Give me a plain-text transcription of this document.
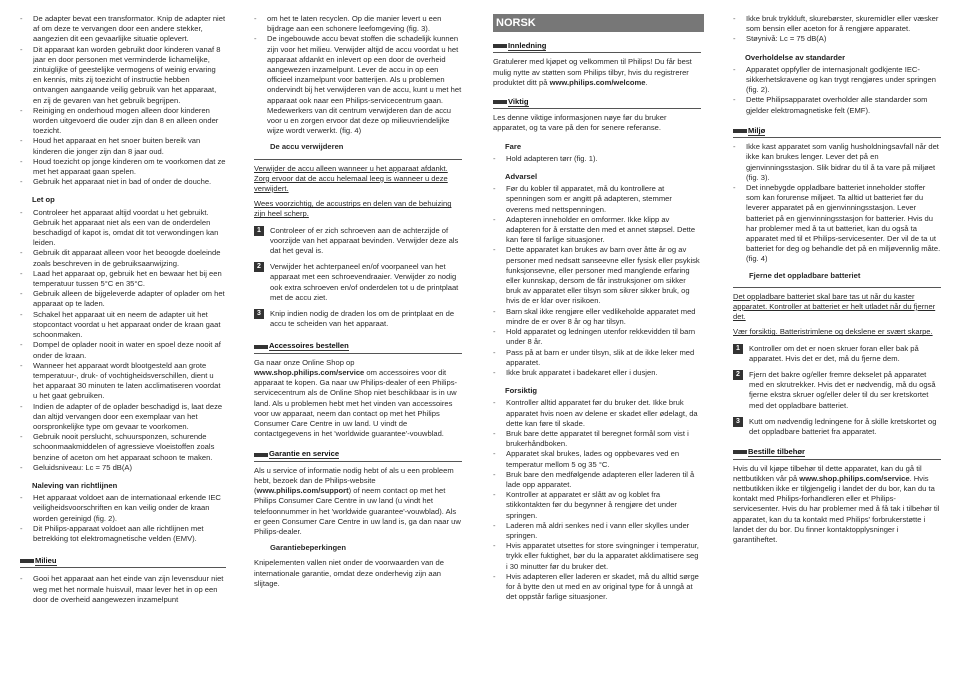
- De adapter bevat een transformator. Knip de adapter niet af om deze te vervangen door een andere stekker, aangezien dit een gevaarlijke situatie oplevert.
- Dit apparaat kan worden gebruikt door kinderen vanaf 8 jaar en door personen met verminderde lichamelijke, zintuiglijke of geestelijke vermogens of weinig ervaring en kennis, mits zij toezicht of instructie hebben ontvangen aangaande veilig gebruik van het apparaat, en zij de gevaren van het gebruik begrijpen.
- Reiniging en onderhoud mogen alleen door kinderen worden uitgevoerd die ouder zijn dan 8 en alleen onder toezicht.
- Houd het apparaat en het snoer buiten bereik van kinderen die jonger zijn dan 8 jaar oud.
- Houd toezicht op jonge kinderen om te voorkomen dat ze met het apparaat gaan spelen.
- Gebruik het apparaat niet in bad of onder de douche.
Let op
- Controleer het apparaat altijd voordat u het gebruikt. Gebruik het apparaat niet als een van de onderdelen beschadigd of kapot is, omdat dit tot verwondingen kan leiden.
- Gebruik dit apparaat alleen voor het beoogde doeleinde zoals beschreven in de gebruiksaanwijzing.
- Laad het apparaat op, gebruik het en bewaar het bij een temperatuur tussen 5°C en 35°C.
- Gebruik alleen de bijgeleverde adapter of oplader om het apparaat op te laden.
- Schakel het apparaat uit en neem de adapter uit het stopcontact voordat u het apparaat onder de kraan gaat schoonmaken.
- Dompel de oplader nooit in water en spoel deze nooit af onder de kraan.
- Wanneer het apparaat wordt blootgesteld aan grote temperatuur-, druk- of vochtigheidsverschillen, dient u het apparaat 30 minuten te laten acclimatiseren voordat u het gaat gebruiken.
- Indien de adapter of de oplader beschadigd is, laat deze dan altijd vervangen door een exemplaar van het oorspronkelijke type om gevaar te voorkomen.
- Gebruik nooit perslucht, schuursponzen, schurende schoonmaakmiddelen of agressieve vloeistoffen zoals benzine of aceton om het apparaat schoon te maken.
- Geluidsniveau: Lc = 75 dB(A)
Naleving van richtlijnen
- Het apparaat voldoet aan de internationaal erkende IEC veiligheidsvoorschriften en kan veilig onder de kraan worden gereinigd (fig. 2).
- Dit Philips-apparaat voldoet aan alle richtlijnen met betrekking tot elektromagnetische velden (EMV).
Milieu
- Gooi het apparaat aan het einde van zijn levensduur niet weg met het normale huisvuil, maar lever het in op een door de overheid aangewezen inzamelpunt
- om het te laten recyclen. Op die manier levert u een bijdrage aan een schonere leefomgeving (fig. 3).
- De ingebouwde accu bevat stoffen die schadelijk kunnen zijn voor het milieu. Verwijder altijd de accu voordat u het apparaat afdankt en inlevert op een door de overheid aangewezen inzamelpunt. Lever de accu in op een officieel inzamelpunt voor batterijen. Als u problemen ondervindt bij het verwijderen van de accu, kunt u met het apparaat ook naar een Philips-servicecentrum gaan. Medewerkers van dit centrum verwijderen dan de accu voor u en zorgen ervoor dat deze op milieuvriendelijke wijze wordt verwerkt. (fig. 4)
De accu verwijderen

Verwijder de accu alleen wanneer u het apparaat afdankt. Zorg ervoor dat de accu helemaal leeg is wanneer u deze verwijdert.

Wees voorzichtig, de accustrips en delen van de behuizing zijn heel scherp.

1	Controleer of er zich schroeven aan de achterzijde of voorzijde van het apparaat bevinden. Verwijder deze als dat het geval is.
2	Verwijder het achterpaneel en/of voorpaneel van het apparaat met een schroevendraaier. Verwijder zo nodig ook extra schroeven en/of onderdelen tot u de printplaat met de accu ziet.
3	Knip indien nodig de draden los om de printplaat en de accu te scheiden van het apparaat.
Accessoires bestellen

Ga naar onze Online Shop op www.shop.philips.com/service om accessoires voor dit apparaat te kopen. Ga naar uw Philips-dealer of een Philips-servicecentrum als de Online Shop niet beschikbaar is in uw land. Als u problemen hebt met het vinden van accessoires voor uw apparaat, neem dan contact op met het Philips Consumer Care Centre in uw land. U vindt de contactgegevens in het 'worldwide guarantee'-vouwblad.

Garantie en service

Als u service of informatie nodig hebt of als u een probleem hebt, bezoek dan de Philips-website (www.philips.com/support) of neem contact op met het Philips Consumer Care Centre in uw land (u vindt het telefoonnummer in het 'worldwide guarantee'-vouwblad). Als er geen Consumer Care Centre in uw land is, ga dan naar uw Philips-dealer.

Garantiebeperkingen

Knipelementen vallen niet onder de voorwaarden van de internationale garantie, omdat deze onderhevig zijn aan slijtage.

NORSK
Innledning

Gratulerer med kjøpet og velkommen til Philips! Du får best mulig nytte av støtten som Philips tilbyr, hvis du registrerer produktet ditt på www.philips.com/welcome.

Viktig

Les denne viktige informasjonen nøye før du bruker apparatet, og ta vare på den for senere referanse.

Fare
- Hold adapteren tørr (fig. 1).
Advarsel
- Før du kobler til apparatet, må du kontrollere at spenningen som er angitt på adapteren, stemmer overens med nettspenningen.
- Adapteren inneholder en omformer. Ikke klipp av adapteren for å erstatte den med et annet støpsel. Dette kan føre til farlige situasjoner.
- Dette apparatet kan brukes av barn over åtte år og av personer med nedsatt sanseevne eller fysisk eller psykisk funksjonsevne, eller personer med manglende erfaring eller kunnskap, dersom de får instruksjoner om sikker bruk av apparatet eller tilsyn som sikrer sikker bruk, og hvis de er klar over risikoen.
- Barn skal ikke rengjøre eller vedlikeholde apparatet med mindre de er over 8 år og har tilsyn.
- Hold apparatet og ledningen utenfor rekkevidden til barn under 8 år.
- Pass på at barn er under tilsyn, slik at de ikke leker med apparatet.
- Ikke bruk apparatet i badekaret eller i dusjen.
Forsiktig
- Kontroller alltid apparatet før du bruker det. Ikke bruk apparatet hvis noen av delene er skadet eller ødelagt, da dette kan føre til skade.
- Bruk bare dette apparatet til beregnet formål som vist i brukerhåndboken.
- Apparatet skal brukes, lades og oppbevares ved en temperatur mellom 5 og 35 °C.
- Bruk bare den medfølgende adapteren eller laderen til å lade opp apparatet.
- Kontroller at apparatet er slått av og koblet fra stikkontakten før du begynner å rengjøre det under springen.
- Laderen må aldri senkes ned i vann eller skylles under springen.
- Hvis apparatet utsettes for store svingninger i temperatur, trykk eller fuktighet, bør du la apparatet akklimatisere seg i 30 minutter før du bruker det.
- Hvis adapteren eller laderen er skadet, må du alltid sørge for å bytte den ut med en av original type for å unngå at det oppstår farlige situasjoner.
- Ikke bruk trykkluft, skurebørster, skuremidler eller væsker som bensin eller aceton for å rengjøre apparatet.
- Støynivå: Lc = 75 dB(A)
Overholdelse av standarder
- Apparatet oppfyller de internasjonalt godkjente IEC-sikkerhetskravene og kan trygt rengjøres under springen (fig. 2).
- Dette Philipsapparatet overholder alle standarder som gjelder elektromagnetiske felt (EMF).
Miljø
- Ikke kast apparatet som vanlig husholdningsavfall når det ikke kan brukes lenger. Lever det på en gjenvinningsstasjon. Slik bidrar du til å ta vare på miljøet (fig. 3).
- Det innebygde oppladbare batteriet inneholder stoffer som kan forurense miljøet. Ta alltid ut batteriet før du leverer apparatet på en gjenvinningsstasjon. Lever batteriet på en gjenvinningsstasjon for batterier. Hvis du har problemer med å ta ut batteriet, kan du også ta apparatet med til et Philips-servicesenter. Der vil de ta ut batteriet for deg og behandle det på en miljøvennlig måte. (fig. 4)
Fjerne det oppladbare batteriet

Det oppladbare batteriet skal bare tas ut når du kaster apparatet. Kontroller at batteriet er helt utladet når du fjerner det.

Vær forsiktig. Batteristrimlene og dekslene er svært skarpe.

1	Kontroller om det er noen skruer foran eller bak på apparatet. Hvis det er det, må du fjerne dem.
2	Fjern det bakre og/eller fremre dekselet på apparatet med en skrutrekker. Hvis det er nødvendig, må du også fjerne ekstra skruer og/eller deler til du ser kretskortet med det oppladbare batteriet.
3	Kutt om nødvendig ledningene for å skille kretskortet og det oppladbare batteriet fra apparatet.
Bestille tilbehør

Hvis du vil kjøpe tilbehør til dette apparatet, kan du gå til nettbutikken vår på www.shop.philips.com/service. Hvis nettbutikken ikke er tilgjengelig i landet der du bor, kan du ta kontakt med Philips-forhandleren eller et Philips-servicesenter. Hvis du har problemer med å få tak i tilbehør til apparatet, kan du ta kontakt med Philips' forbrukerstøtte i landet der du bor. Du finner kontaktopplysninger i garantiheftet.
